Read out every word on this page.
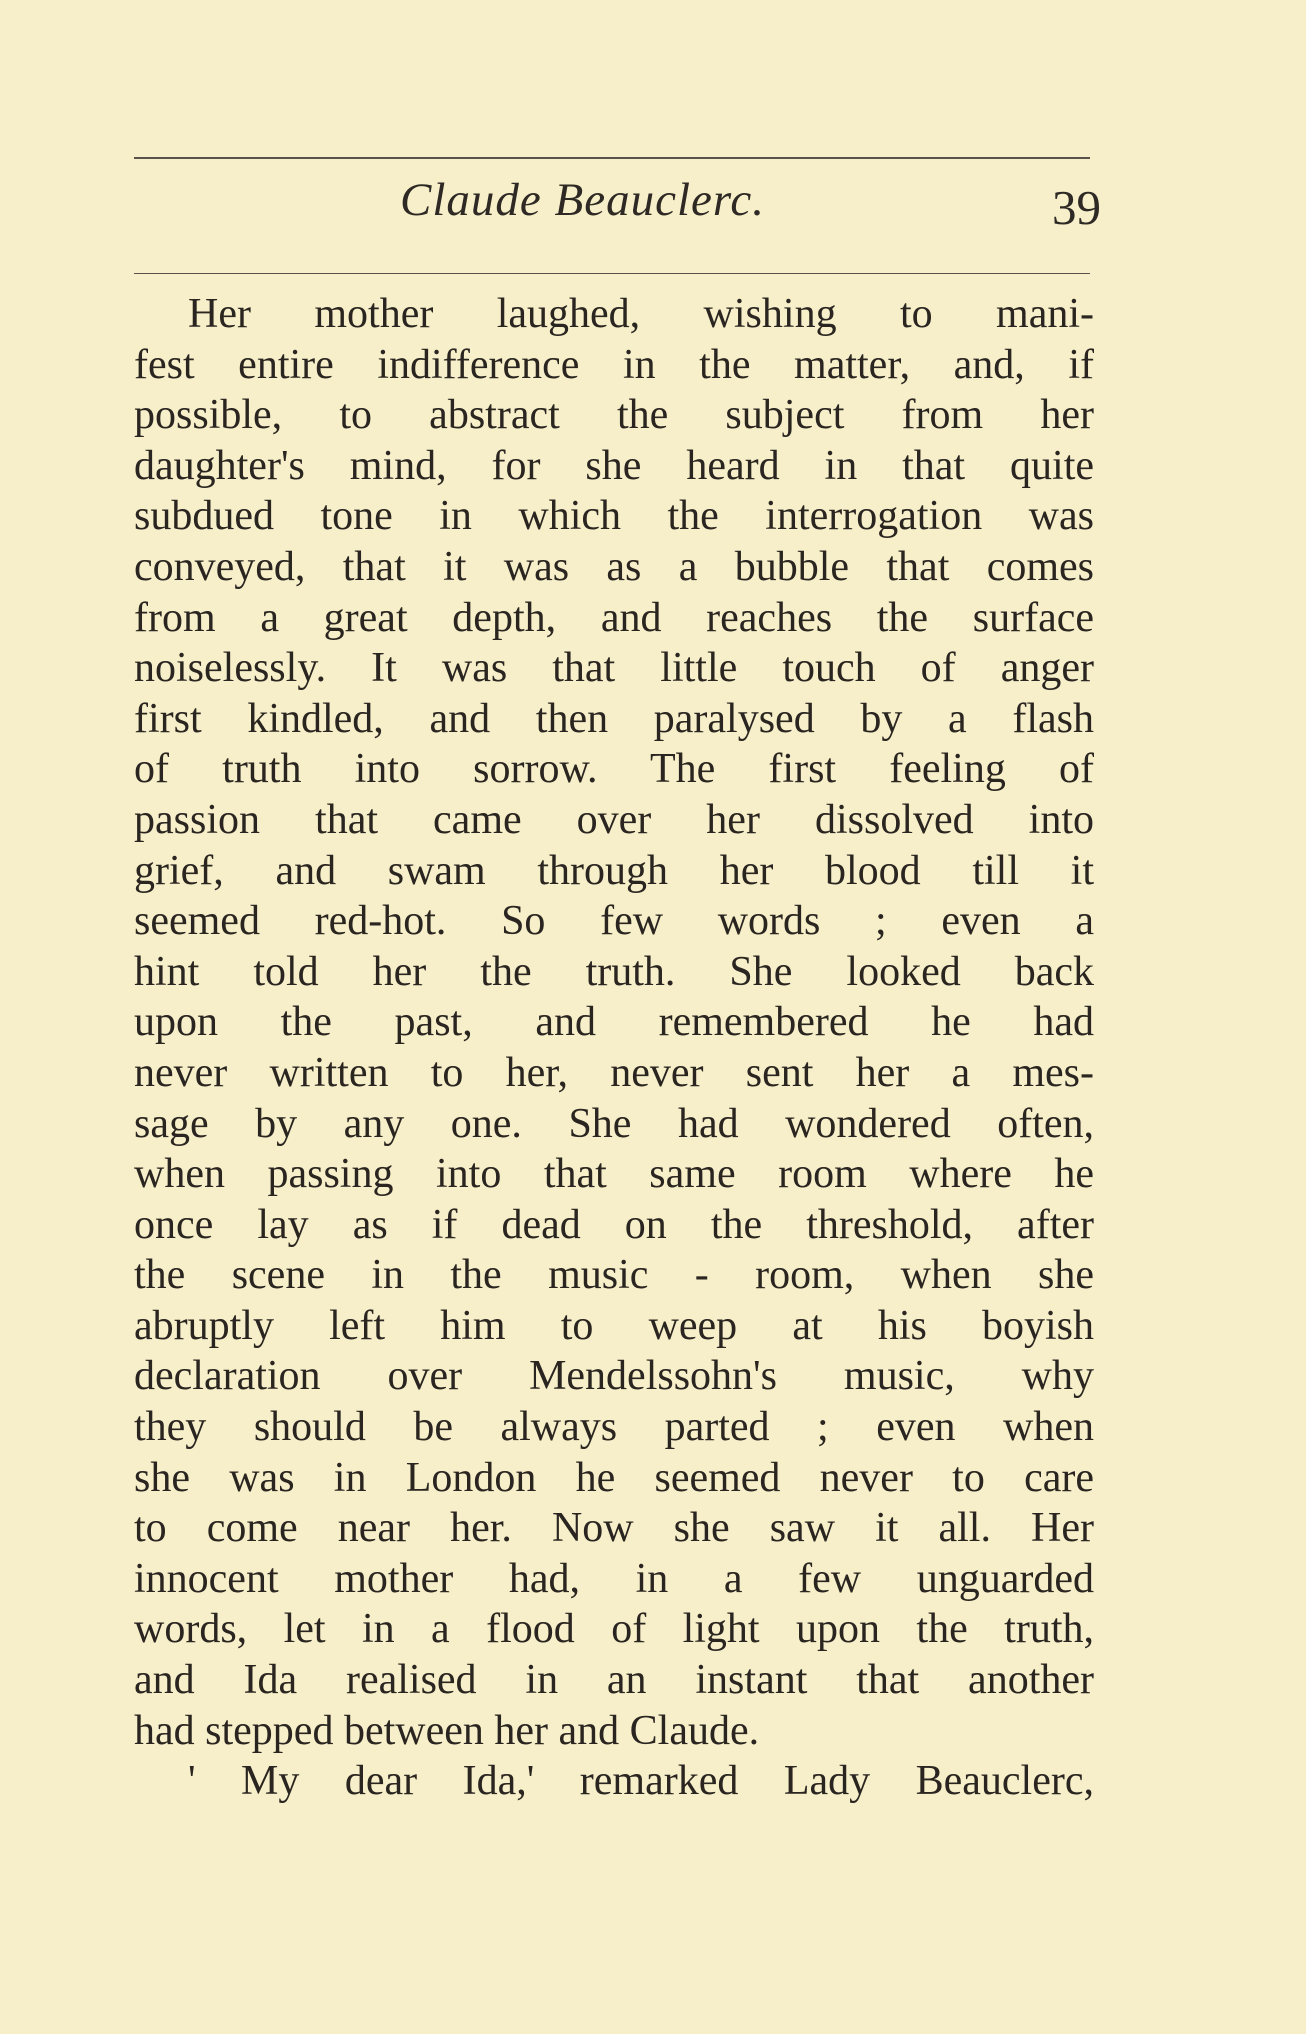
Claude Beauclerc.	39
Her mother laughed, wishing to mani-
fest entire indifference in the matter, and, if
possible, to abstract the subject from her
daughter's mind, for she heard in that quite
subdued tone in which the interrogation was
conveyed, that it was as a bubble that comes
from a great depth, and reaches the surface
noiselessly. It was that little touch of anger
first kindled, and then paralysed by a flash
of truth into sorrow. The first feeling of
passion that came over her dissolved into
grief, and swam through her blood till it
seemed red-hot. So few words ; even a
hint told her the truth. She looked back
upon the past, and remembered he had
never written to her, never sent her a mes-
sage by any one. She had wondered often,
when passing into that same room where he
once lay as if dead on the threshold, after
the scene in the music - room, when she
abruptly left him to weep at his boyish
declaration over Mendelssohn's music, why
they should be always parted ; even when
she was in London he seemed never to care
to come near her. Now she saw it all. Her
innocent mother had, in a few unguarded
words, let in a flood of light upon the truth,
and Ida realised in an instant that another
had stepped between her and Claude.
' My dear Ida,' remarked Lady Beauclerc,
